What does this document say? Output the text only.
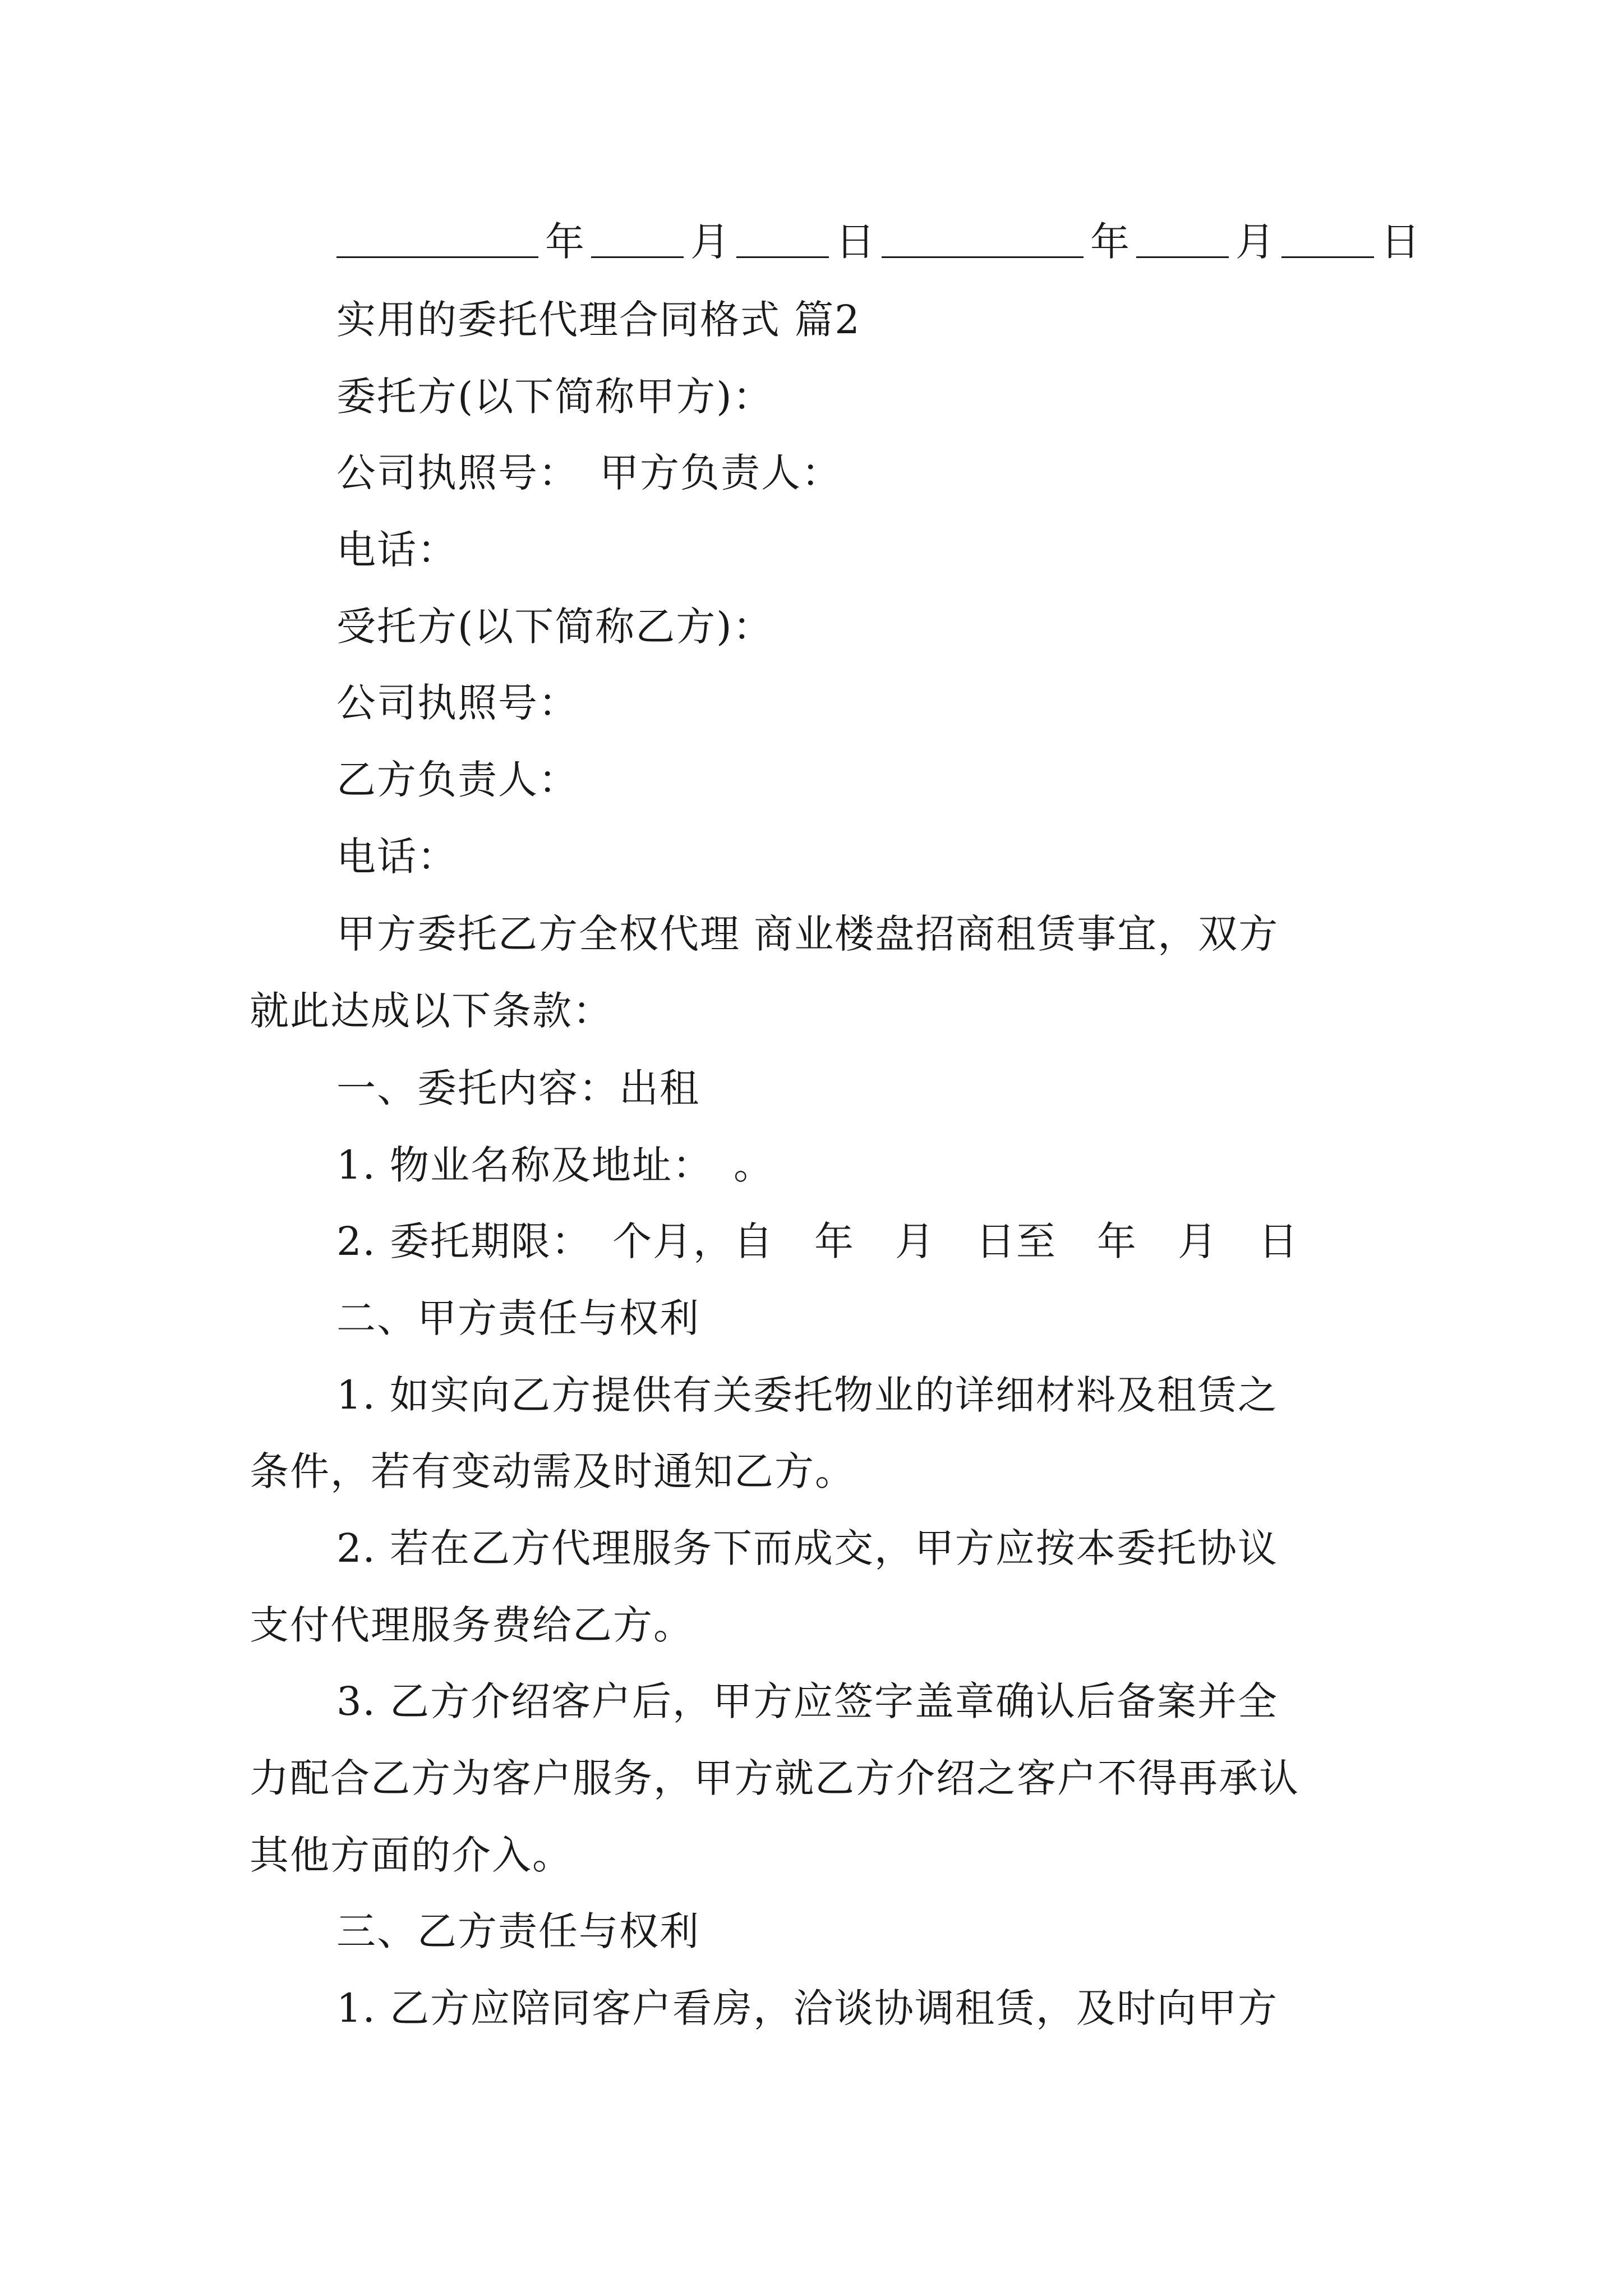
年	月	日	年	月	日
实用的委托代理合同格式 篇2
委托方(以下简称甲方)：
公司执照号：　甲方负责人：
电话：
受托方(以下简称乙方)：
公司执照号：
乙方负责人：
电话：
甲方委托乙方全权代理 商业楼盘招商租赁事宜，双方
就此达成以下条款：
一、委托内容：出租
1. 物业名称及地址：　。
2. 委托期限：　个月，自　年　月　日至　年　月　日
二、甲方责任与权利
1. 如实向乙方提供有关委托物业的详细材料及租赁之
条件，若有变动需及时通知乙方。
2. 若在乙方代理服务下而成交，甲方应按本委托协议
支付代理服务费给乙方。
3. 乙方介绍客户后，甲方应签字盖章确认后备案并全
力配合乙方为客户服务，甲方就乙方介绍之客户不得再承认
其他方面的介入。
三、乙方责任与权利
1. 乙方应陪同客户看房，洽谈协调租赁，及时向甲方
